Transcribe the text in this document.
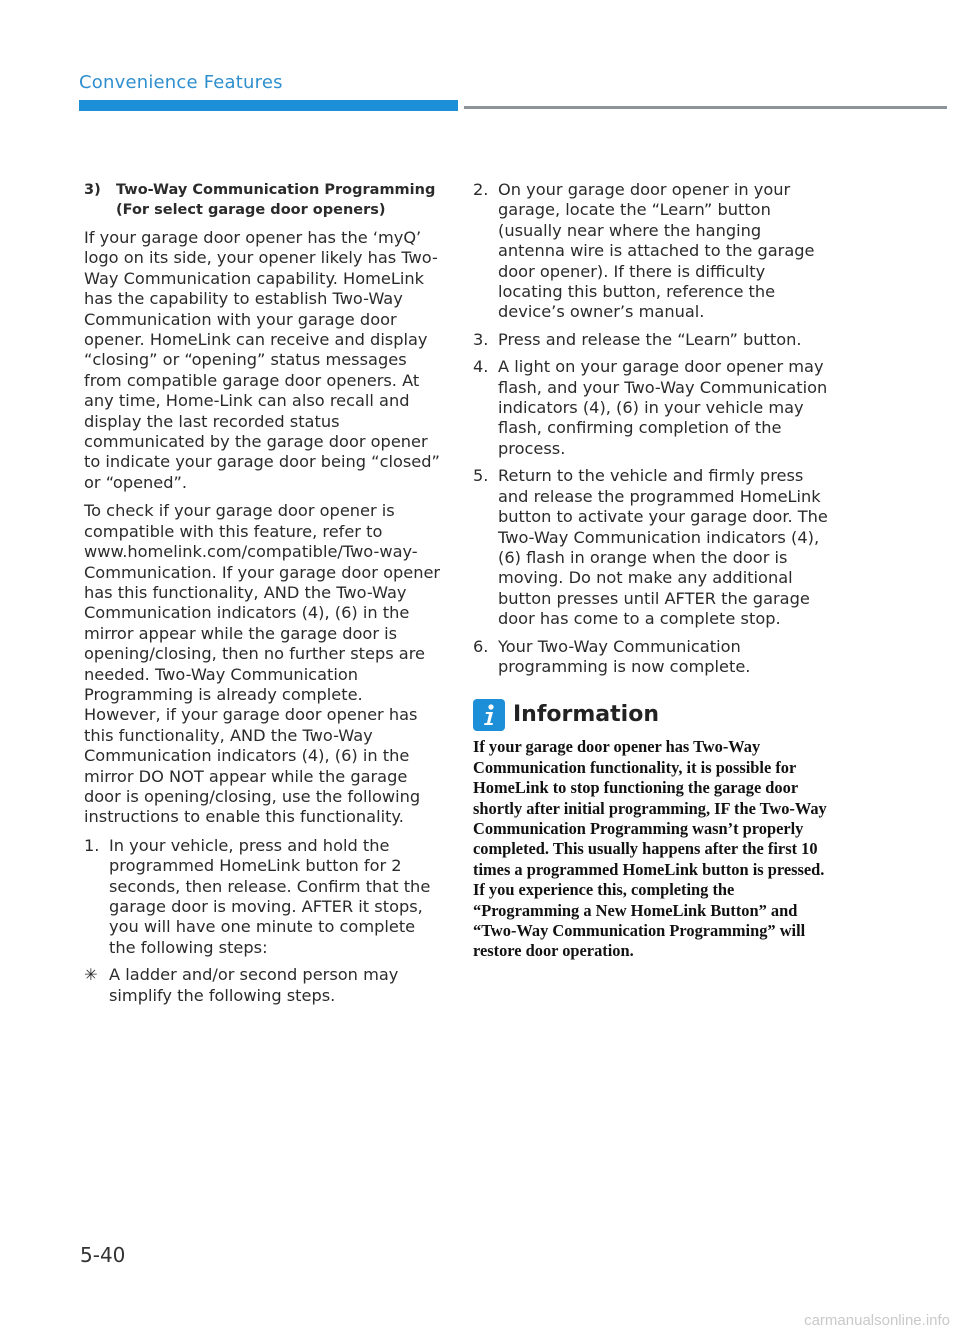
Convenience Features
3)	Two-Way Communication Programming (For select garage door openers)

If your garage door opener has the ‘myQ’ logo on its side, your opener likely has Two-Way Communication capability. HomeLink has the capability to establish Two-Way Communication with your garage door opener. HomeLink can receive and display “closing” or “opening” status messages from compatible garage door openers. At any time, Home-Link can also recall and display the last recorded status communicated by the garage door opener to indicate your garage door being “closed” or “opened”.

To check if your garage door opener is compatible with this feature, refer to www.homelink.com/compatible/Two-way-Communication. If your garage door opener has this functionality, AND the Two-Way Communication indicators (4), (6) in the mirror appear while the garage door is opening/closing, then no further steps are needed. Two-Way Communication Programming is already complete. However, if your garage door opener has this functionality, AND the Two-Way Communication indicators (4), (6) in the mirror DO NOT appear while the garage door is opening/closing, use the following instructions to enable this functionality.

1. In your vehicle, press and hold the programmed HomeLink button for 2 seconds, then release. Confirm that the garage door is moving. AFTER it stops, you will have one minute to complete the following steps:
✳ A ladder and/or second person may simplify the following steps.
2. On your garage door opener in your garage, locate the “Learn” button (usually near where the hanging antenna wire is attached to the garage door opener). If there is difficulty locating this button, reference the device’s owner’s manual.
3. Press and release the “Learn” button.
4. A light on your garage door opener may flash, and your Two-Way Communication indicators (4), (6) in your vehicle may flash, confirming completion of the process.
5. Return to the vehicle and firmly press and release the programmed HomeLink button to activate your garage door. The Two-Way Communication indicators (4), (6) flash in orange when the door is moving. Do not make any additional button presses until AFTER the garage door has come to a complete stop.
6. Your Two-Way Communication programming is now complete.
Information

If your garage door opener has Two-Way Communication functionality, it is possible for HomeLink to stop functioning the garage door shortly after initial programming, IF the Two-Way Communication Programming wasn’t properly completed. This usually happens after the first 10 times a programmed HomeLink button is pressed. If you experience this, completing the “Programming a New HomeLink Button” and “Two-Way Communication Programming” will restore door operation.

5-40
carmanualsonline.info
